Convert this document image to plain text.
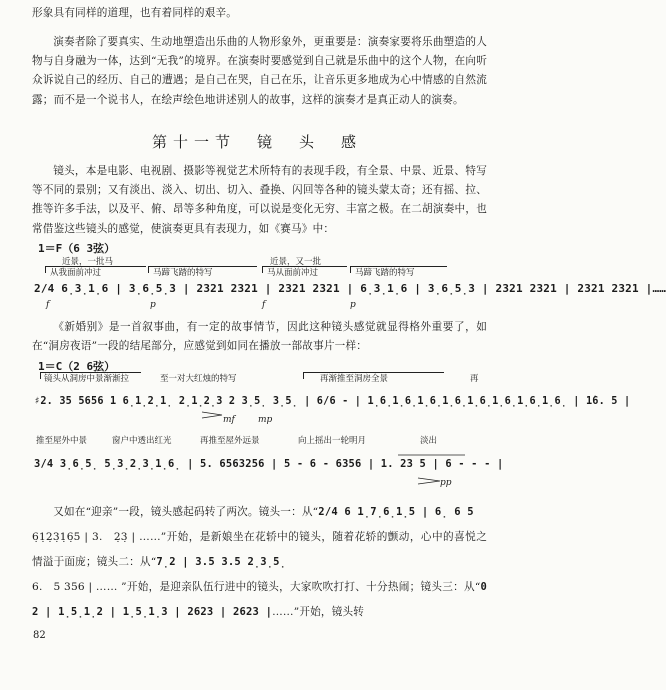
形象具有同样的道理，也有着同样的艰辛。
演奏者除了要真实、生动地塑造出乐曲的人物形象外，更重要是：演奏家要将乐曲塑造的人物与自身融为一体，达到“无我”的境界。在演奏时要感觉到自己就是乐曲中的这个人物，在向听众诉说自己的经历、自己的遭遇；是自己在哭，自己在乐，让音乐更多地成为心中情感的自然流露；而不是一个说书人，在绘声绘色地讲述别人的故事，这样的演奏才是真正动人的演奏。
第十一节　镜　头　感
镜头，本是电影、电视剧、摄影等视觉艺术所特有的表现手段，有全景、中景、近景、特写等不同的景别；又有淡出、淡入、切出、切入、叠换、闪回等各种的镜头蒙太奇；还有摇、拉、推等许多手法，以及平、俯、昂等多种角度，可以说是变化无穷、丰富之极。在二胡演奏中，也常借鉴这些镜头的感觉，使演奏更具有表现力，如《赛马》中：
1＝F（6 3弦）
近景，一批马	近景，又一批
从我面前冲过	马蹄飞踏的特写	马从面前冲过	马蹄飞踏的特写
2/4 6̣3̣1̣6 | 3̣6̣5̣3 | 2321 2321 | 2321 2321 | 6̣3̣1̣6 | 3̣6̣5̣3 | 2321 2321 | 2321 2321 |……
f	p	f	p
《新婚别》是一首叙事曲，有一定的故事情节，因此这种镜头感觉就显得格外重要了，如在“洞房夜语”一段的结尾部分，应感觉到如同在播放一部故事片一样：
1＝C（2 6弦）
镜头从洞房中景渐渐拉	至一对大红烛的特写	再渐推至洞房全景	再
♯2. 35 5656 1 6̣1̣2̣1̣ 2̣1̣2̣3 2 3̣5̣ 3̣5̣ | 6/6 - | 1̣6̣1̣6̣1̣6̣1̣6̣1̣6̣1̣6̣1̣6̣1̣6̣ | 1̇6. 5 |
mf	mp
推至屋外中景	窗户中透出红光	再推至屋外远景	向上摇出一轮明月	淡出
3/4 3̣6̣5̣ 5̣3̣2̣3̣1̣6̣ | 5. 6563256 | 5 - 6 - 6356 | 1. 23 5 | 6 - - - |
pp
又如在“迎亲”一段，镜头感起码转了两次。镜头一：从“2/4 6 1̣7̣6̣1̣5 | 6̣ 6 5
6̣1̣2̣3̣1̣6̣5 | 3.　2̣3̣ | ……”开始，是新娘坐在花轿中的镜头，随着花轿的颤动，心中的喜悦之情溢于面庞；镜头二：从“7̣2 | 3.5 3.5 2̣3̣5̣
6.　5 356 | …… ”开始，是迎亲队伍行进中的镜头，大家吹吹打打、十分热闹；镜头三：从“0 2 | 1̣5̣1̣2 | 1̣5̣1̣3 | 2623 | 2623 |……”开始，镜头转
82
